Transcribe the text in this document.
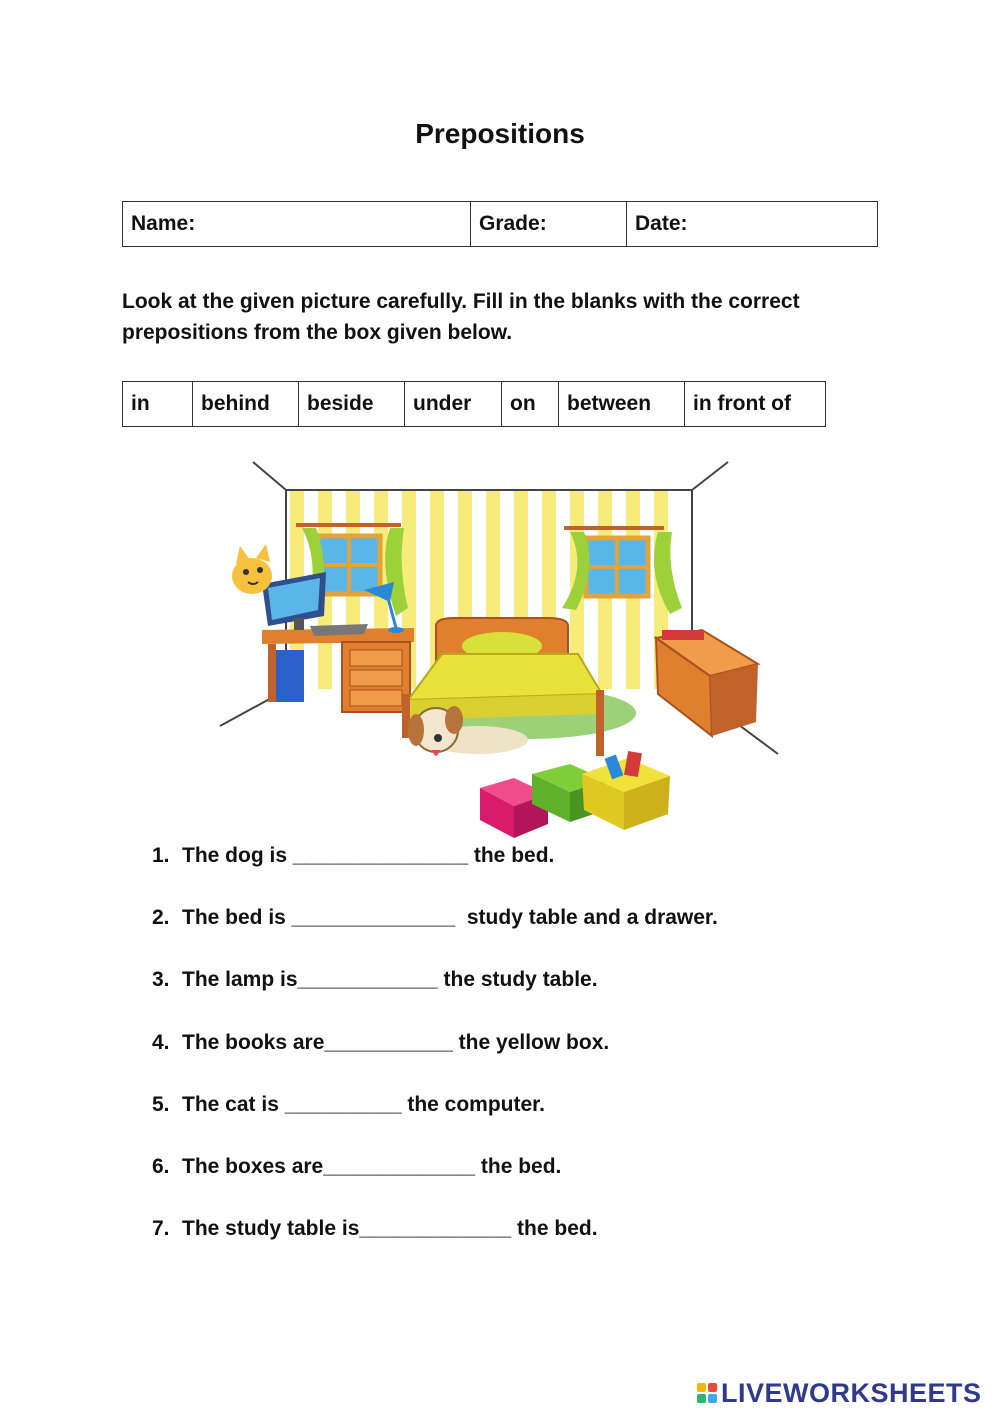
Prepositions
Name:	Grade:	Date:

Look at the given picture carefully. Fill in the blanks with the correct prepositions from the box given below.

in	behind	beside	under	on	between	in front of
1. The dog is _______________ the bed.
2. The bed is ______________  study table and a drawer.
3. The lamp is____________ the study table.
4. The books are___________ the yellow box.
5. The cat is __________ the computer.
6. The boxes are_____________ the bed.
7. The study table is_____________ the bed.
LIVEWORKSHEETS
